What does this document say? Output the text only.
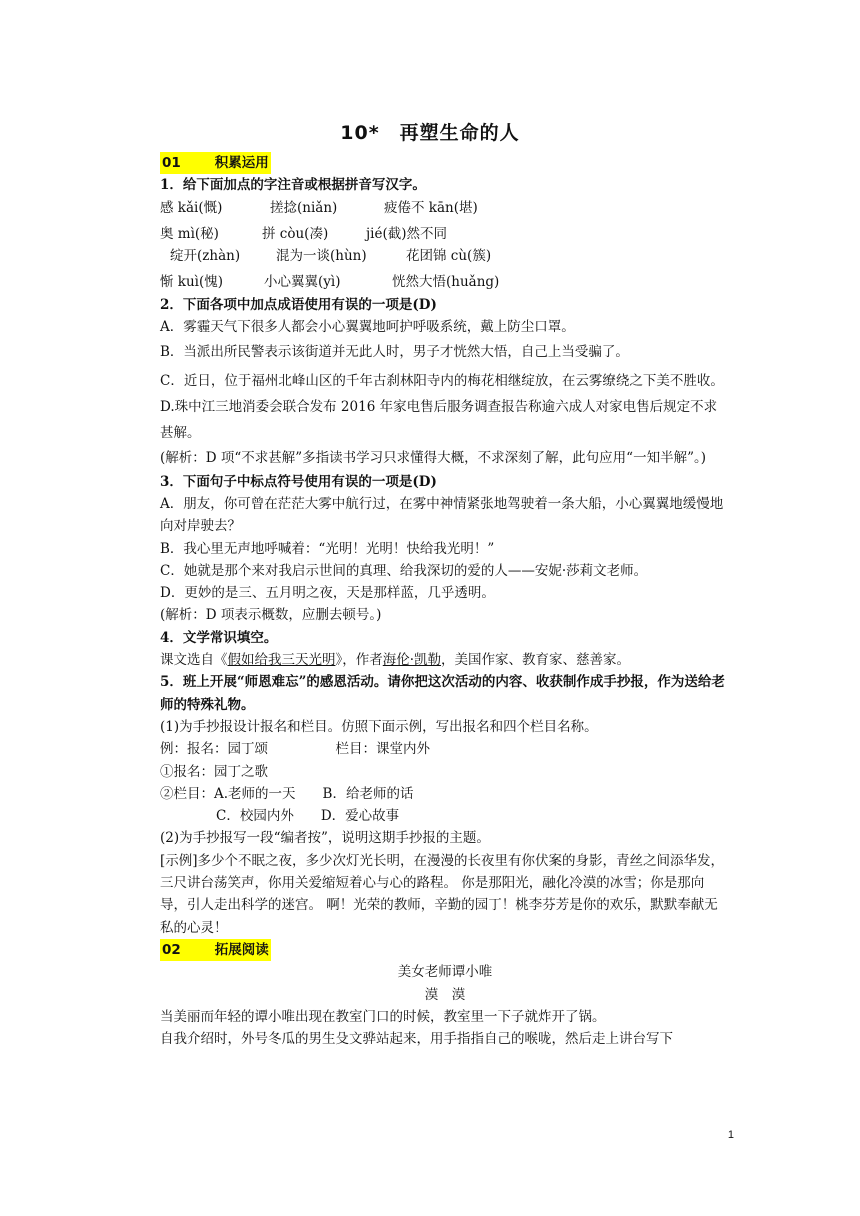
10*　再塑生命的人

01	积累运用

1．给下面加点的字注音或根据拼音写汉字。

感 kǎi(慨)	搓捻(niǎn)	疲倦不 kān(堪)

奥 mì(秘)	拼 còu(凑)	jié(截)然不同

绽开(zhàn)	混为一谈(hùn)	花团锦 cù(簇)

惭 kuì(愧)	小心翼翼(yì)	恍然大悟(huǎng)

2．下面各项中加点成语使用有误的一项是(D)

A．雾霾天气下很多人都会小心翼翼地呵护呼吸系统，戴上防尘口罩。

B．当派出所民警表示该街道并无此人时，男子才恍然大悟，自己上当受骗了。

C．近日，位于福州北峰山区的千年古刹林阳寺内的梅花相继绽放，在云雾缭绕之下美不胜收。

D.珠中江三地消委会联合发布 2016 年家电售后服务调查报告称逾六成人对家电售后规定不求甚解。

(解析：D 项“不求甚解”多指读书学习只求懂得大概，不求深刻了解，此句应用“一知半解”。)

3．下面句子中标点符号使用有误的一项是(D)

A．朋友，你可曾在茫茫大雾中航行过，在雾中神情紧张地驾驶着一条大船，小心翼翼地缓慢地向对岸驶去？

B．我心里无声地呼喊着：“光明！光明！快给我光明！”

C．她就是那个来对我启示世间的真理、给我深切的爱的人——安妮·莎莉文老师。

D．更妙的是三、五月明之夜，天是那样蓝，几乎透明。

(解析：D 项表示概数，应删去顿号。)

4．文学常识填空。

课文选自《假如给我三天光明》，作者海伦·凯勒，美国作家、教育家、慈善家。

5．班上开展“师恩难忘”的感恩活动。请你把这次活动的内容、收获制作成手抄报，作为送给老师的特殊礼物。

(1)为手抄报设计报名和栏目。仿照下面示例，写出报名和四个栏目名称。

例：报名：园丁颂　　　　　栏目：课堂内外

①报名：园丁之歌

②栏目：A.老师的一天　　B．给老师的话

C．校园内外　　D．爱心故事

(2)为手抄报写一段“编者按”，说明这期手抄报的主题。

[示例]多少个不眠之夜，多少次灯光长明，在漫漫的长夜里有你伏案的身影，青丝之间添华发，三尺讲台荡笑声，你用关爱缩短着心与心的路程。 你是那阳光，融化冷漠的冰雪；你是那向导，引人走出科学的迷宫。 啊！光荣的教师，辛勤的园丁！桃李芬芳是你的欢乐，默默奉献无私的心灵！

02	拓展阅读

美女老师谭小唯

漠　漠

当美丽而年轻的谭小唯出现在教室门口的时候，教室里一下子就炸开了锅。

自我介绍时，外号冬瓜的男生殳文骅站起来，用手指指自己的喉咙，然后走上讲台写下

1
